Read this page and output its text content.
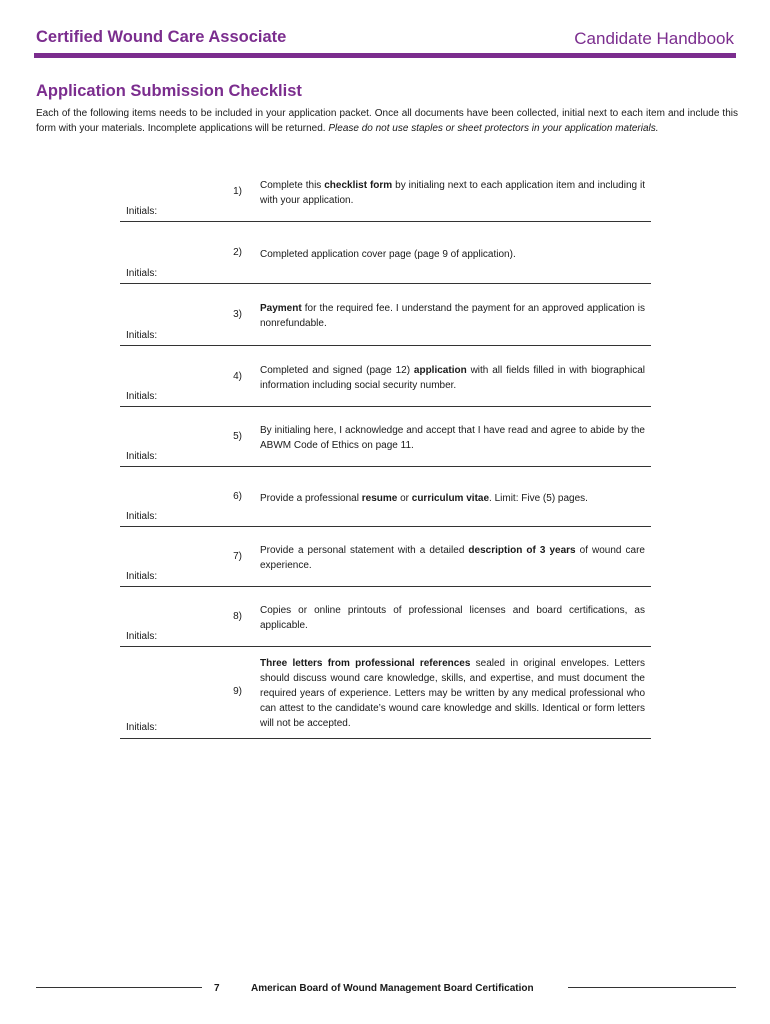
Certified Wound Care Associate	Candidate Handbook
Application Submission Checklist

Each of the following items needs to be included in your application packet. Once all documents have been collected, initial next to each item and include this form with your materials. Incomplete applications will be returned. Please do not use staples or sheet protectors in your application materials.

Initials:
1)

Complete this checklist form by initialing next to each application item and including it with your application.

Initials:
2) Completed application cover page (page 9 of application).

Initials:
3)

Payment for the required fee. I understand the payment for an approved application is nonrefundable.

Initials:
4)

Completed and signed (page 12) application with all fields filled in with biographical information including social security number.

Initials:
5)

By initialing here, I acknowledge and accept that I have read and agree to abide by the ABWM Code of Ethics on page 11.

Initials:
6) Provide a professional resume or curriculum vitae. Limit: Five (5) pages.

Initials:
7)

Provide a personal statement with a detailed description of 3 years of wound care experience.

Initials:
8)

Copies or online printouts of professional licenses and board certifications, as applicable.

Initials:
9)

Three letters from professional references sealed in original envelopes. Letters should discuss wound care knowledge, skills, and expertise, and must document the required years of experience. Letters may be written by any medical professional who can attest to the candidate’s wound care knowledge and skills. Identical or form letters will not be accepted.

7	American Board of Wound Management Board Certification
